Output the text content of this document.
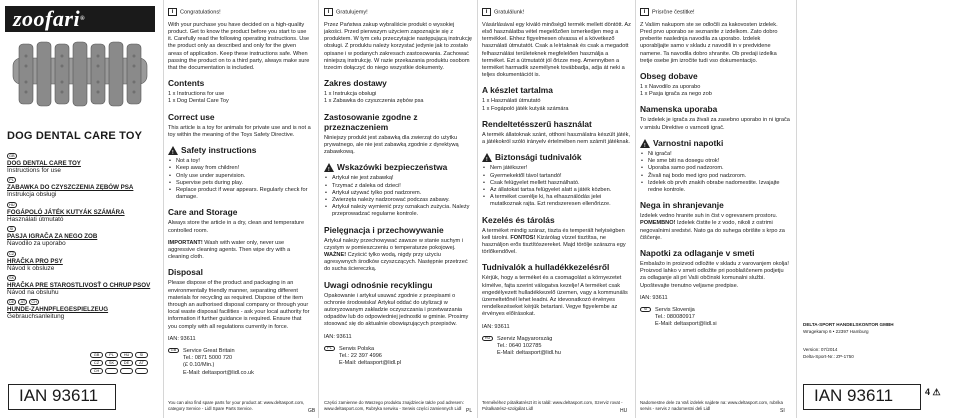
zoofari®
DOG DENTAL CARE TOY
GB
DOG DENTAL CARE TOY
Instructions for use
PL
ZABAWKA DO CZYSZCZENIA ZĘBÓW PSA
Instrukcja obsługi
HU
FOGÁPOLÓ JÁTÉK KUTYÁK SZÁMÁRA
Használati útmutató
SI
PASJA IGRAČA ZA NEGO ZOB
Navodilo za uporabo
CZ
HRAČKA PRO PSY
Návod k obsluze
SK
HRAČKA PRE STAROSTLIVOSŤ O CHRUP PSOV
Návod na obsluhu
DE	AT	CH
HUNDE-ZAHNPFLEGESPIELZEUG
Gebrauchsanleitung
GB	PL	HU	SI
CZ	SK	DE	AT
CH
IAN 93611

i Congratulations!

With your purchase you have decided on a high-quality product. Get to know the product before you start to use it. Carefully read the following operating instructions. Use the product only as described and only for the given areas of application. Keep these instructions safe. When passing the product on to a third party, always make sure that the documentation is included.

Contents
1 x Instructions for use
1 x Dog Dental Care Toy
Correct use

This article is a toy for animals for private use and is not a toy within the meaning of the Toys Safety Directive.

!Safety instructions
• Not a toy!
• Keep away from children!
• Only use under supervision.
• Supervise pets during play.
• Replace product if wear appears. Regularly check for damage.
Care and Storage

Always store the article in a dry, clean and temperature controlled room.

IMPORTANT! Wash with water only, never use aggressive cleaning agents. Then wipe dry with a cleaning cloth.

Disposal

Please dispose of the product and packaging in an environmentally friendly manner, separating different materials for recycling as required. Dispose of the item through an authorised disposal company or through your local waste disposal facilities - ask your local authority for information if further guidance is required. Ensure that you comply with all regulations currently in force.

IAN: 93611

GB	Service Great Britain
Tel.: 0871 5000 720
(£ 0.10/Min.)
E-Mail: deltasport@lidl.co.uk
You can also find spare parts for your product at: www.deltasport.com, category Service - Lidl Spare Parts Service.	GB

i Gratulujemy!

Przez Państwa zakup wybraliście produkt o wysokiej jakości. Przed pierwszym użyciem zapoznajcie się z produktem. W tym celu przeczytajcie następującą instrukcję obsługi. Z produktu należy korzystać jedynie jak to zostało opisane i w podanych zakresach zastosowania. Zachować niniejszą instrukcję. W razie przekazania produktu osobom trzecim dołączyć do niego wszystkie dokumenty.

Zakres dostawy
1 x Instrukcja obsługi
1 x Zabawka do czyszczenia zębów psa
Zastosowanie zgodne z przeznaczeniem

Niniejszy produkt jest zabawką dla zwierząt do użytku prywatnego, ale nie jest zabawką zgodnie z dyrektywą zabawkową.

!Wskazówki bezpieczeństwa
• Artykuł nie jest zabawką!
• Trzymać z daleka od dzieci!
• Artykuł używać tylko pod nadzorem.
• Zwierzęta należy nadzorować podczas zabawy.
• Artykuł należy wymienić przy oznakach zużycia. Należy przeprowadzać regularne kontrole.
Pielęgnacja i przechowywanie

Artykuł należy przechowywać zawsze w stanie suchym i czystym w pomieszczeniu o temperaturze pokojowej. WAŻNE! Czyścić tylko wodą, nigdy przy użyciu agresywnych środków czyszczących. Następnie przetrzeć do sucha ściereczką.

Uwagi odnośnie recyklingu

Opakowanie i artykuł usuwać zgodnie z przepisami o ochronie środowiska! Artykuł oddać do utylizacji w autoryzowanym zakładzie oczyszczania i przetwarzania odpadów lub do odpowiedniej jednostki w gminie. Prosimy stosować się do aktualnie obowiązujących przepisów.

IAN: 93611

PL	Serwis Polska
Tel.: 22 397 4996
E-Mail: deltasport@lidl.pl
Części zamienne do Waszego produktu znajdziecie także pod adresem: www.deltasport.com, Rubryka serwisu - Serwis części zamiennych Lidl PL

i Gratulálunk!

Vásárlásával egy kiváló minőségű termék mellett döntött. Az első használatba vétel megelőzően ismerkedjen meg a termékkel. Ehhez figyelmesen olvassa el a következő használati útmutatót. Csak a leírtaknak és csak a megadott felhasználási területeknek megfelelően használja a terméket. Ezt a útmutatót jól őrizze meg. Amennyiben a terméket harmadik személynek továbbadja, adja át neki a teljes dokumentációt is.

A készlet tartalma
1 x Használati útmutató
1 x Fogápoló játék kutyák számára
Rendeltetésszerű használat

A termék állatoknak szánt, otthoni használatra készült játék, a játékokról szóló irányelv értelmében nem számít játéknak.

!Biztonsági tudnivalók
• Nem játékszer!
• Gyermekektől távol tartandó!
• Csak felügyelet mellett használható.
• Az állatokat tartsa felügyelet alatt a játék közben.
• A terméket cserélje ki, ha elhasználódás jelei mutatkoznak rajta. Ezt rendszeresen ellenőrizze.
Kezelés és tárolás

A terméket mindig száraz, tiszta és temperált helyiségben kell tárolni. FONTOS! Kizárólag vízzel tisztítsa, ne használjon erős tisztítószereket. Majd törölje szárazra egy törlőkendővel.

Tudnivalók a hulladékkezelésről

Kérjük, hogy a terméket és a csomagolást a környezetet kímélve, fajta szerint válogatva kezelje! A terméket csak engedélyezett hulladékkezelő üzemen, vagy a kommunális üzemeltetőnél lehet leadni. Az idevonatkozó érvényes rendelkezéseket kérjük betartani. Vegye figyelembe az érvényes előírásokat.

IAN: 93611

HU	Szerviz Magyarország
Tel.: 0640 102785
E-Mail: deltasport@lidl.hu
Termékéhez pótalkatrészt itt is talál: www.deltasport.com, Szerviz rovat - Pótalkatrész-szolgálat Lidl	HU

i Prisrčne čestitke!

Z Vašim nakupom ste se odločili za kakovosten izdelek. Pred prvo uporabo se seznanite z izdelkom. Zato dobro preberite naslednja navodila za uporabo. Izdelek uporabljajte samo v skladu z navodili in v predvidene namene. Ta navodila dobro shranite. Ob predaji izdelka tretje osebe jim izročite tudi vso dokumentacijo.

Obseg dobave
1 x Navodilo za uporabo
1 x Pasja igrača za nego zob
Namenska uporaba

To izdelek je igrača za živali za zasebno uporabo in ni igrača v smislu Direktive o varnosti igrač.

!Varnostni napotki
• Ni igrača!
• Ne sme biti na dosegu otrok!
• Uporaba samo pod nadzorom.
• Živali naj bodo med igro pod nadzorom.
• Izdelek ob prvih znakih obrabe nadomestite. Izvajajte redne kontrole.
Nega in shranjevanje

Izdelek vedno hranite suh in čist v ogrevanem prostoru. POMEMBNO! Izdelek čistite le z vodo, nikoli z ostrimi negovalnimi sredstvi. Nato ga do suhega obrišite s krpo za čiščenje.

Napotki za odlaganje v smeti

Embalažo in proizvod odložite v skladu z varovanjem okolja! Proizvod lahko v smeti odložite pri pooblaščenem podjetju za odlaganje ali pri Vaši občinski komunalni službi. Upoštevajte trenutno veljavne predpise.

IAN: 93611

SI	Servis Slovenija
Tel.: 080080917
E-Mail: deltasport@lidl.si
Nadomestne dele za Vaš izdelek najdete na: www.deltasport.com, rubrika servis - servis z nadomestni deli Lidl	SI
DELTA-SPORT HANDELSKONTOR GMBH
Wragekamp 6 • 22397 Hamburg
Version: 07/2014
Delta-Sport-Nr.: ZP-1750
IAN 93611	4 ⚠
